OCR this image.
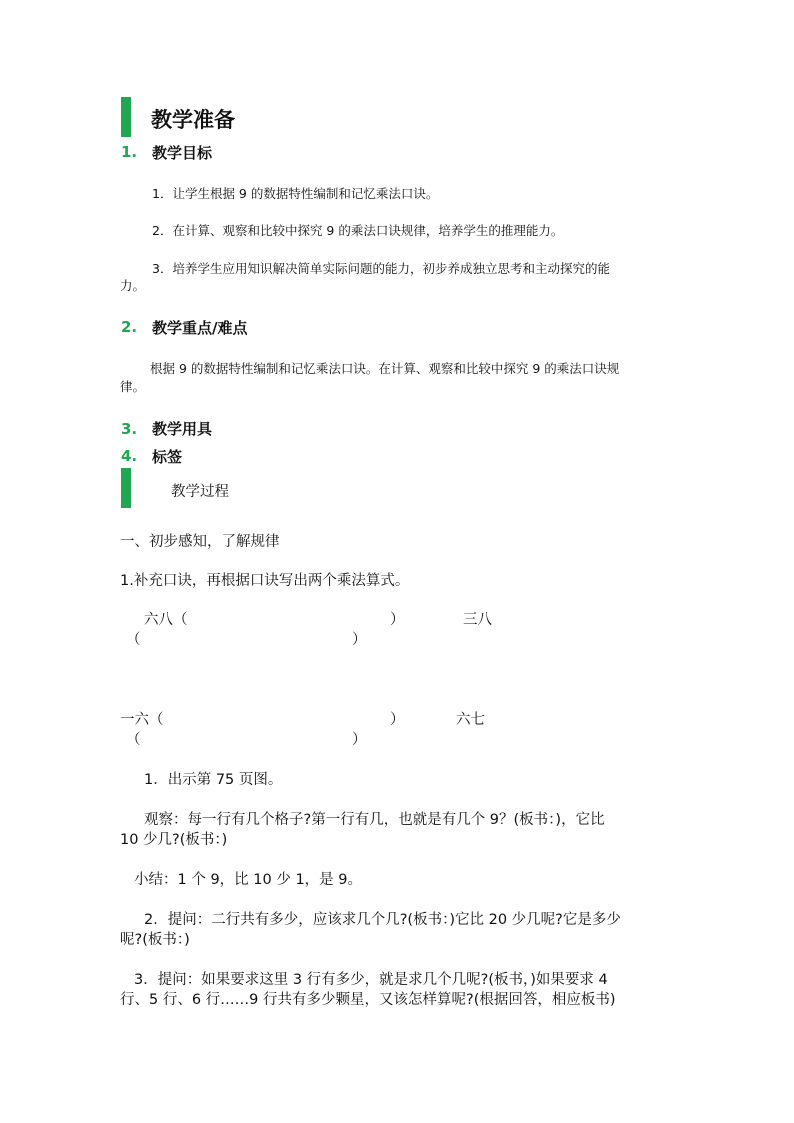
教学准备
1. 教学目标
1．让学生根据 9 的数据特性编制和记忆乘法口诀。
2．在计算、观察和比较中探究 9 的乘法口诀规律，培养学生的推理能力。
3．培养学生应用知识解决简单实际问题的能力，初步养成独立思考和主动探究的能
力。
2. 教学重点/难点
根据 9 的数据特性编制和记忆乘法口诀。在计算、观察和比较中探究 9 的乘法口诀规
律。
3. 教学用具
4. 标签
教学过程
一、初步感知，了解规律
1.补充口诀，再根据口诀写出两个乘法算式。
六八（	）	三八
（	）
一六（	）	六七
（	）
1．出示第 75 页图。
观察：每一行有几个格子?第一行有几，也就是有几个 9？(板书：)，它比
10 少几?(板书：)
小结：1 个 9，比 10 少 1，是 9。
2．提问：二行共有多少，应该求几个几?(板书：)它比 20 少几呢?它是多少
呢?(板书：)
3．提问：如果要求这里 3 行有多少，就是求几个几呢?(板书，)如果要求 4
行、5 行、6 行……9 行共有多少颗星，又该怎样算呢?(根据回答，相应板书)
